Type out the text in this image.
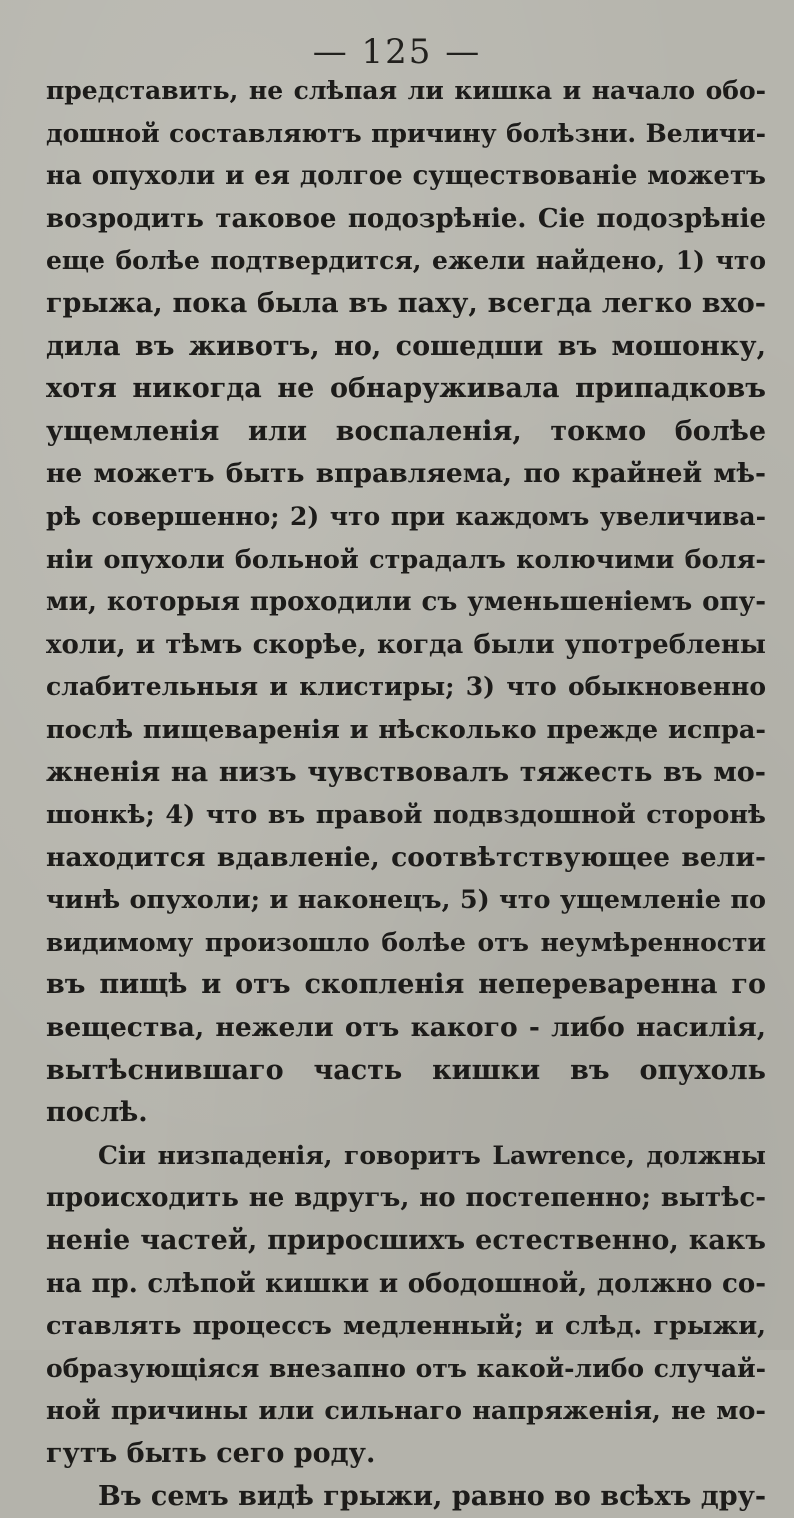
— 125 —
представить, не слѣпая ли кишка и начало обо-
дошной составляютъ причину болѣзни. Величи-
на опухоли и ея долгое существованіе можетъ
возродить таковое подозрѣніе. Сіе подозрѣніе
еще болѣе подтвердится, ежели найдено, 1) что
грыжа, пока была въ паху, всегда легко вхо-
дила въ животъ, но, сошедши въ мошонку,
хотя никогда не обнаруживала припадковъ
ущемленія или воспаленія, токмо болѣе
не можетъ быть вправляема, по крайней мѣ-
рѣ совершенно; 2) что при каждомъ увеличива-
ніи опухоли больной страдалъ колючими боля-
ми, которыя проходили съ уменьшеніемъ опу-
холи, и тѣмъ скорѣе, когда были употреблены
слабительныя и клистиры; 3) что обыкновенно
послѣ пищеваренія и нѣсколько прежде испра-
жненія на низъ чувствовалъ тяжесть въ мо-
шонкѣ; 4) что въ правой подвздошной сторонѣ
находится вдавленіе, соотвѣтствующее вели-
чинѣ опухоли; и наконецъ, 5) что ущемленіе по
видимому произошло болѣе отъ неумѣренности
въ пищѣ и отъ скопленія непереваренна го
вещества, нежели отъ какого - либо насилія,
вытѣснившаго часть кишки въ опухоль
послѣ.
Сіи низпаденія, говоритъ Lawrence, должны
происходить не вдругъ, но постепенно; вытѣс-
неніе частей, приросшихъ естественно, какъ
на пр. слѣпой кишки и ободошной, должно со-
ставлять процессъ медленный; и слѣд. грыжи,
образующіяся внезапно отъ какой-либо случай-
ной причины или сильнаго напряженія, не мо-
гутъ быть сего роду.
Въ семъ видѣ грыжи, равно во всѣхъ дру-
